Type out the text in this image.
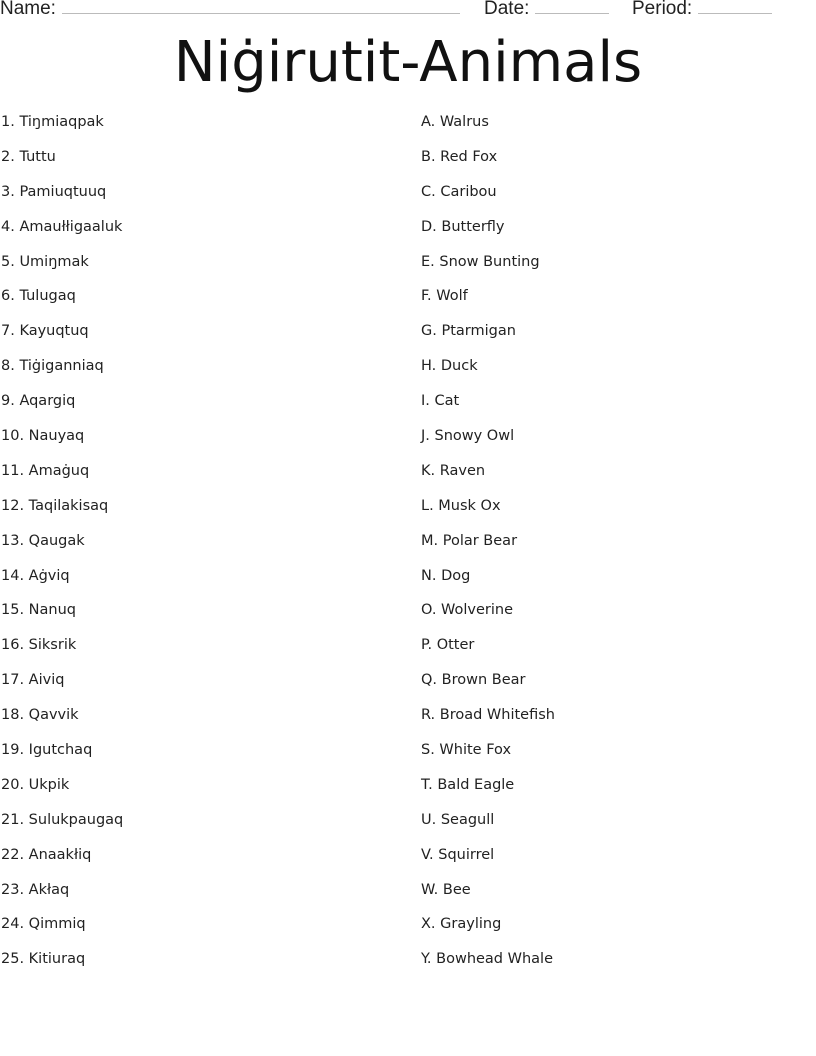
Name:	Date:	Period:
Niġirutit-Animals
1. Tiŋmiaqpak
2. Tuttu
3. Pamiuqtuuq
4. Amaułłigaaluk
5. Umiŋmak
6. Tulugaq
7. Kayuqtuq
8. Tiġiganniaq
9. Aqargiq
10. Nauyaq
11. Amaġuq
12. Taqilakisaq
13. Qaugak
14. Aġviq
15. Nanuq
16. Siksrik
17. Aiviq
18. Qavvik
19. Igutchaq
20. Ukpik
21. Sulukpaugaq
22. Anaakłiq
23. Akłaq
24. Qimmiq
25. Kitiuraq
A. Walrus
B. Red Fox
C. Caribou
D. Butterfly
E. Snow Bunting
F. Wolf
G. Ptarmigan
H. Duck
I. Cat
J. Snowy Owl
K. Raven
L. Musk Ox
M. Polar Bear
N. Dog
O. Wolverine
P. Otter
Q. Brown Bear
R. Broad Whitefish
S. White Fox
T. Bald Eagle
U. Seagull
V. Squirrel
W. Bee
X. Grayling
Y. Bowhead Whale
